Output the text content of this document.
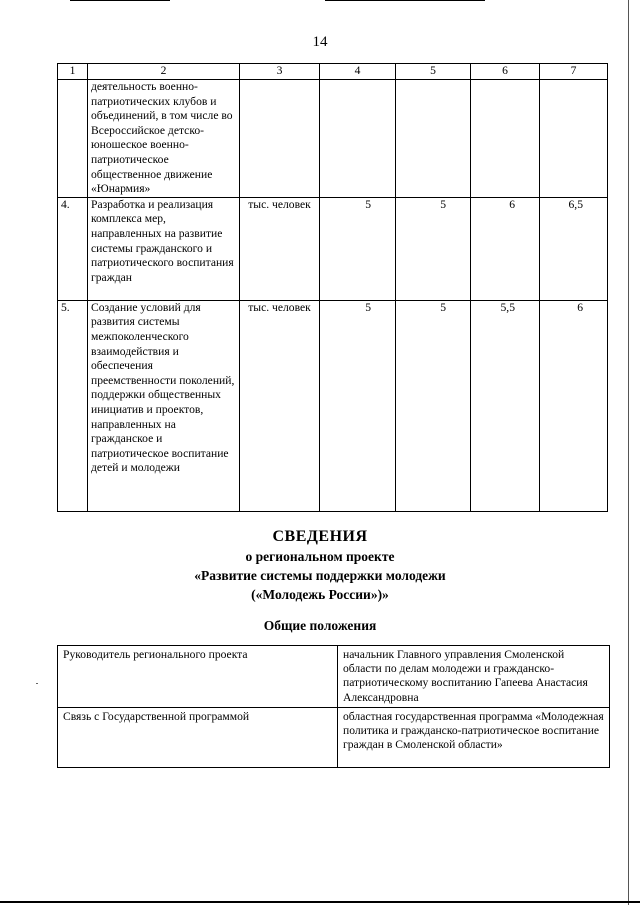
14
1	2	3	4	5	6	7
	деятельность военно-патриотических клубов и объединений, в том числе во Всероссийское детско-юношеское военно-патриотическое общественное движение «Юнармия»					
4.	Разработка и реализация комплекса мер, направленных на развитие системы гражданского и патриотического воспитания граждан	тыс. человек	5	5	6	6,5
5.	Создание условий для развития системы межпоколенческого взаимодействия и обеспечения преемственности поколений, поддержки общественных инициатив и проектов, направленных на гражданское и патриотическое воспитание детей и молодежи	тыс. человек	5	5	5,5	6
СВЕДЕНИЯ
о региональном проекте
«Развитие системы поддержки молодежи
(«Молодежь России»)»
Общие положения
Руководитель регионального проекта	начальник Главного управления Смоленской области по делам молодежи и гражданско-патриотическому воспитанию Гапеева Анастасия Александровна
Связь с Государственной программой	областная государственная программа «Молодежная политика и гражданско-патриотическое воспитание граждан в Смоленской области»
